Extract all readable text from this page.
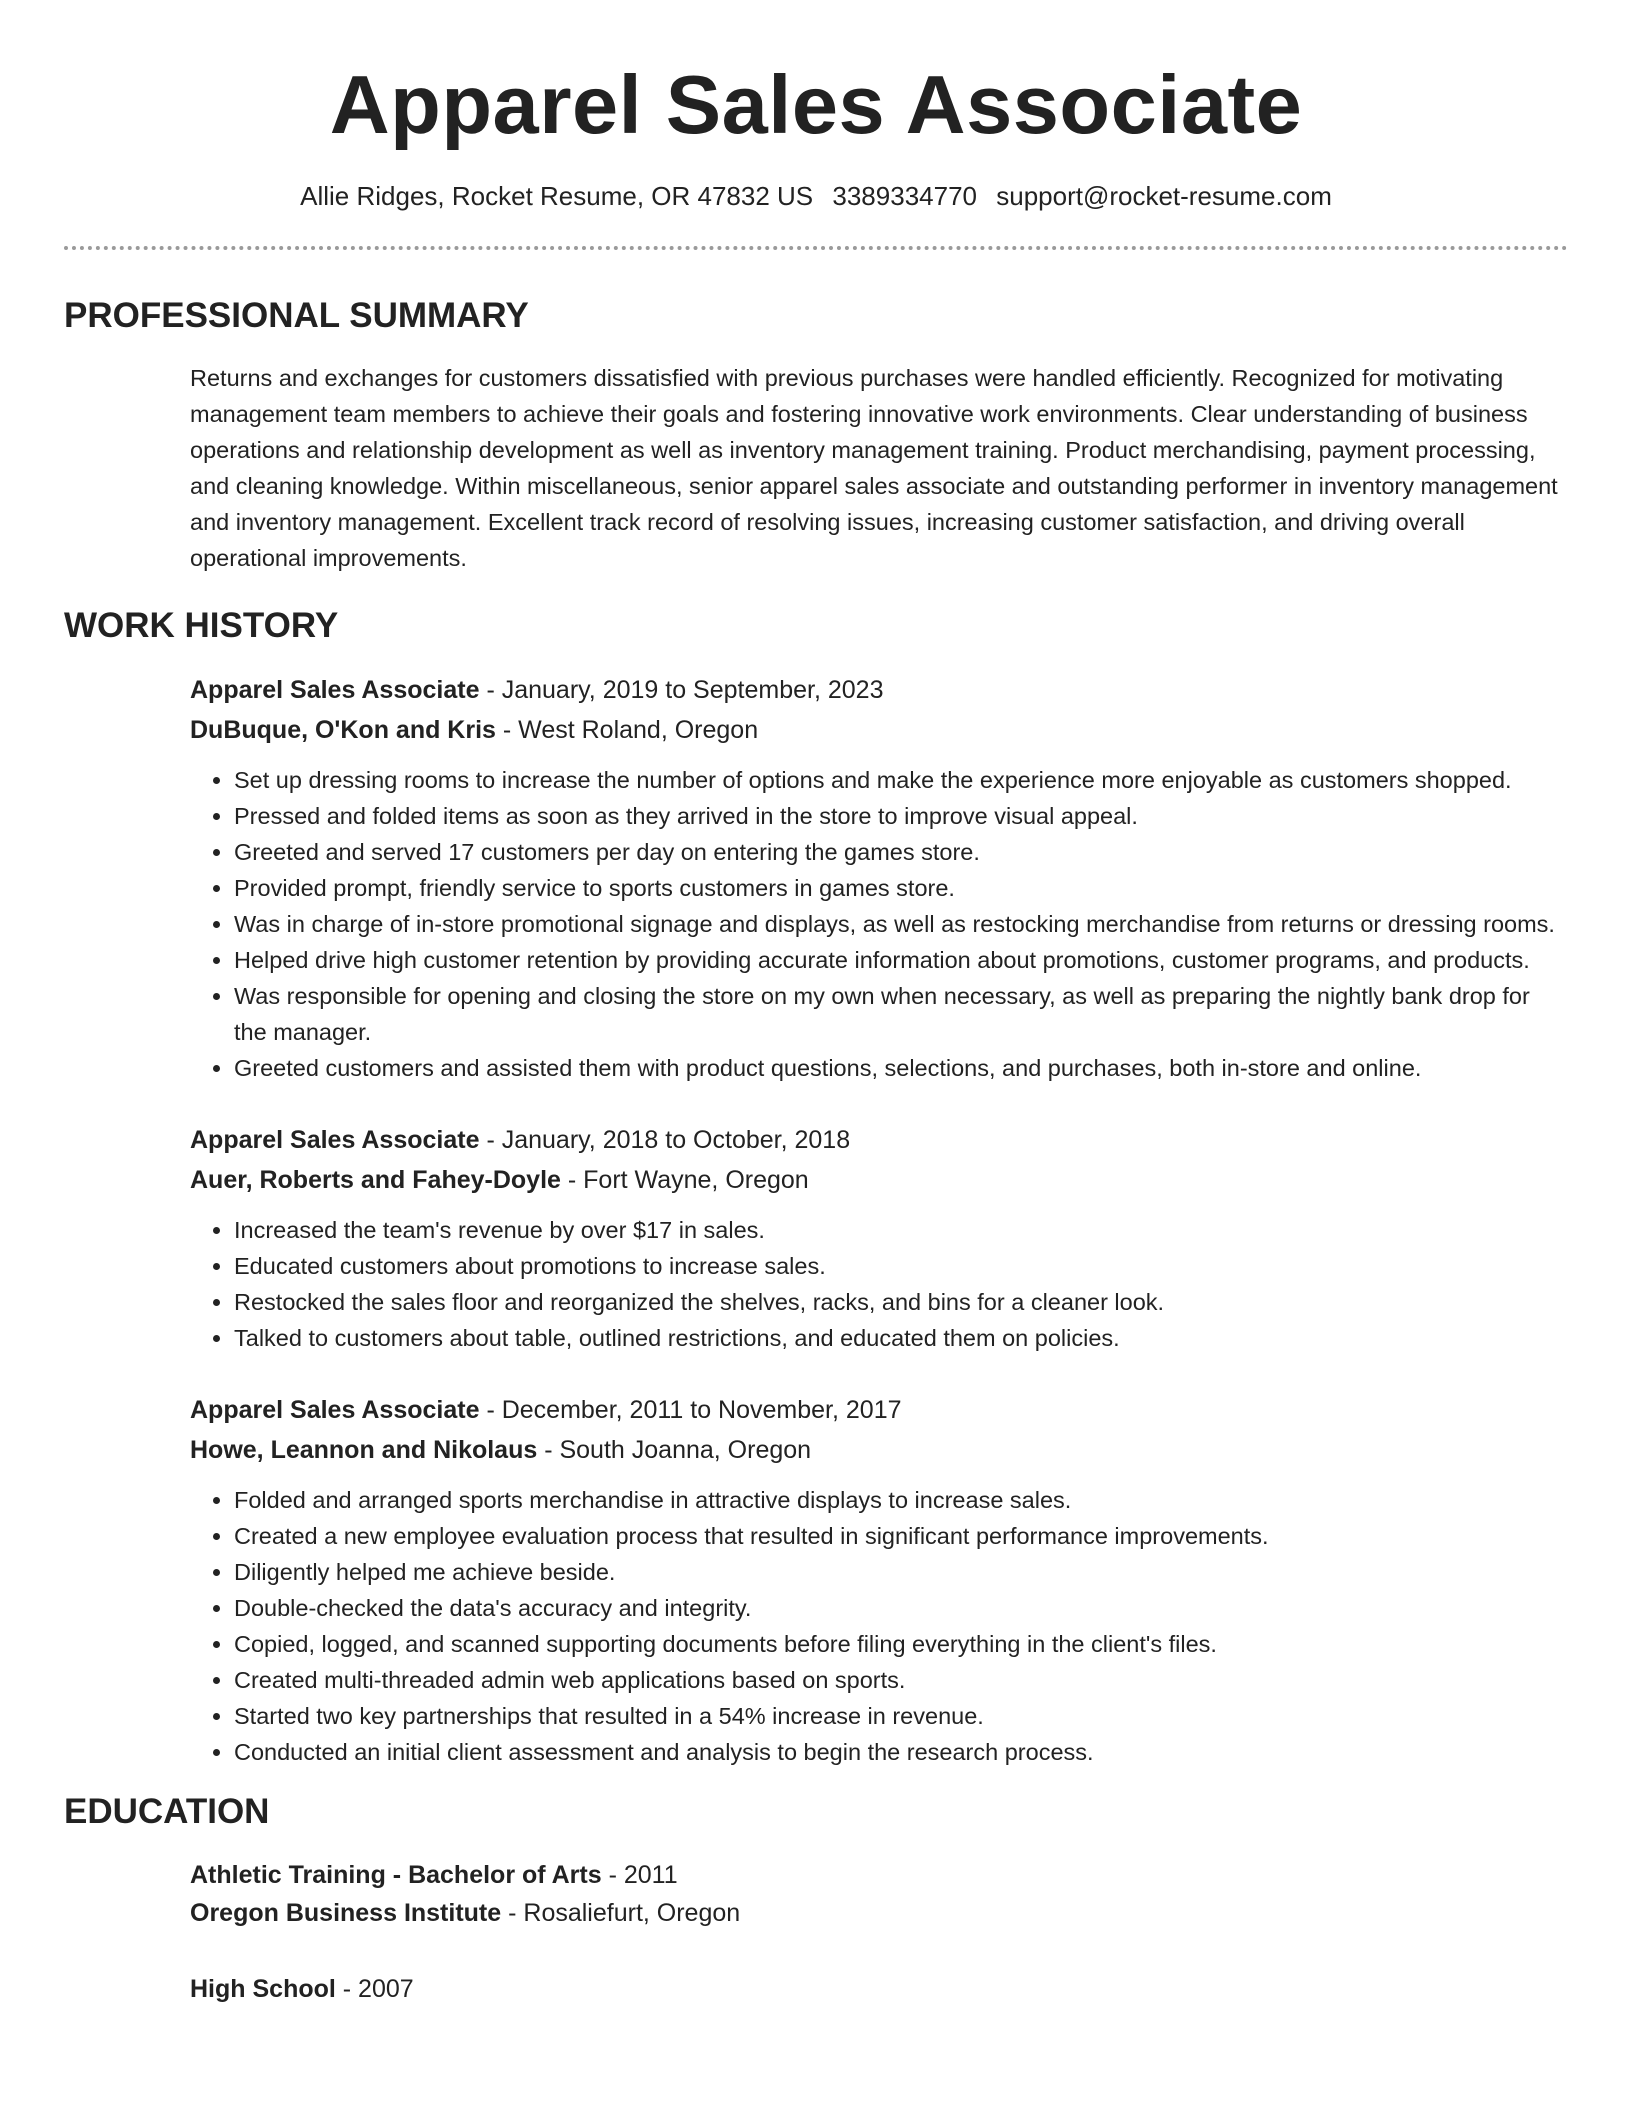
Apparel Sales Associate
Allie Ridges, Rocket Resume, OR 47832 US 3389334770 support@rocket-resume.com
PROFESSIONAL SUMMARY

Returns and exchanges for customers dissatisfied with previous purchases were handled efficiently. Recognized for motivating management team members to achieve their goals and fostering innovative work environments. Clear understanding of business operations and relationship development as well as inventory management training. Product merchandising, payment processing, and cleaning knowledge. Within miscellaneous, senior apparel sales associate and outstanding performer in inventory management and inventory management. Excellent track record of resolving issues, increasing customer satisfaction, and driving overall operational improvements.

WORK HISTORY
Apparel Sales Associate - January, 2019 to September, 2023
DuBuque, O'Kon and Kris - West Roland, Oregon
• Set up dressing rooms to increase the number of options and make the experience more enjoyable as customers shopped.
• Pressed and folded items as soon as they arrived in the store to improve visual appeal.
• Greeted and served 17 customers per day on entering the games store.
• Provided prompt, friendly service to sports customers in games store.
• Was in charge of in-store promotional signage and displays, as well as restocking merchandise from returns or dressing rooms.
• Helped drive high customer retention by providing accurate information about promotions, customer programs, and products.
• Was responsible for opening and closing the store on my own when necessary, as well as preparing the nightly bank drop for the manager.
• Greeted customers and assisted them with product questions, selections, and purchases, both in-store and online.
Apparel Sales Associate - January, 2018 to October, 2018
Auer, Roberts and Fahey-Doyle - Fort Wayne, Oregon
• Increased the team's revenue by over $17 in sales.
• Educated customers about promotions to increase sales.
• Restocked the sales floor and reorganized the shelves, racks, and bins for a cleaner look.
• Talked to customers about table, outlined restrictions, and educated them on policies.
Apparel Sales Associate - December, 2011 to November, 2017
Howe, Leannon and Nikolaus - South Joanna, Oregon
• Folded and arranged sports merchandise in attractive displays to increase sales.
• Created a new employee evaluation process that resulted in significant performance improvements.
• Diligently helped me achieve beside.
• Double-checked the data's accuracy and integrity.
• Copied, logged, and scanned supporting documents before filing everything in the client's files.
• Created multi-threaded admin web applications based on sports.
• Started two key partnerships that resulted in a 54% increase in revenue.
• Conducted an initial client assessment and analysis to begin the research process.
EDUCATION
Athletic Training - Bachelor of Arts - 2011
Oregon Business Institute - Rosaliefurt, Oregon
High School - 2007
